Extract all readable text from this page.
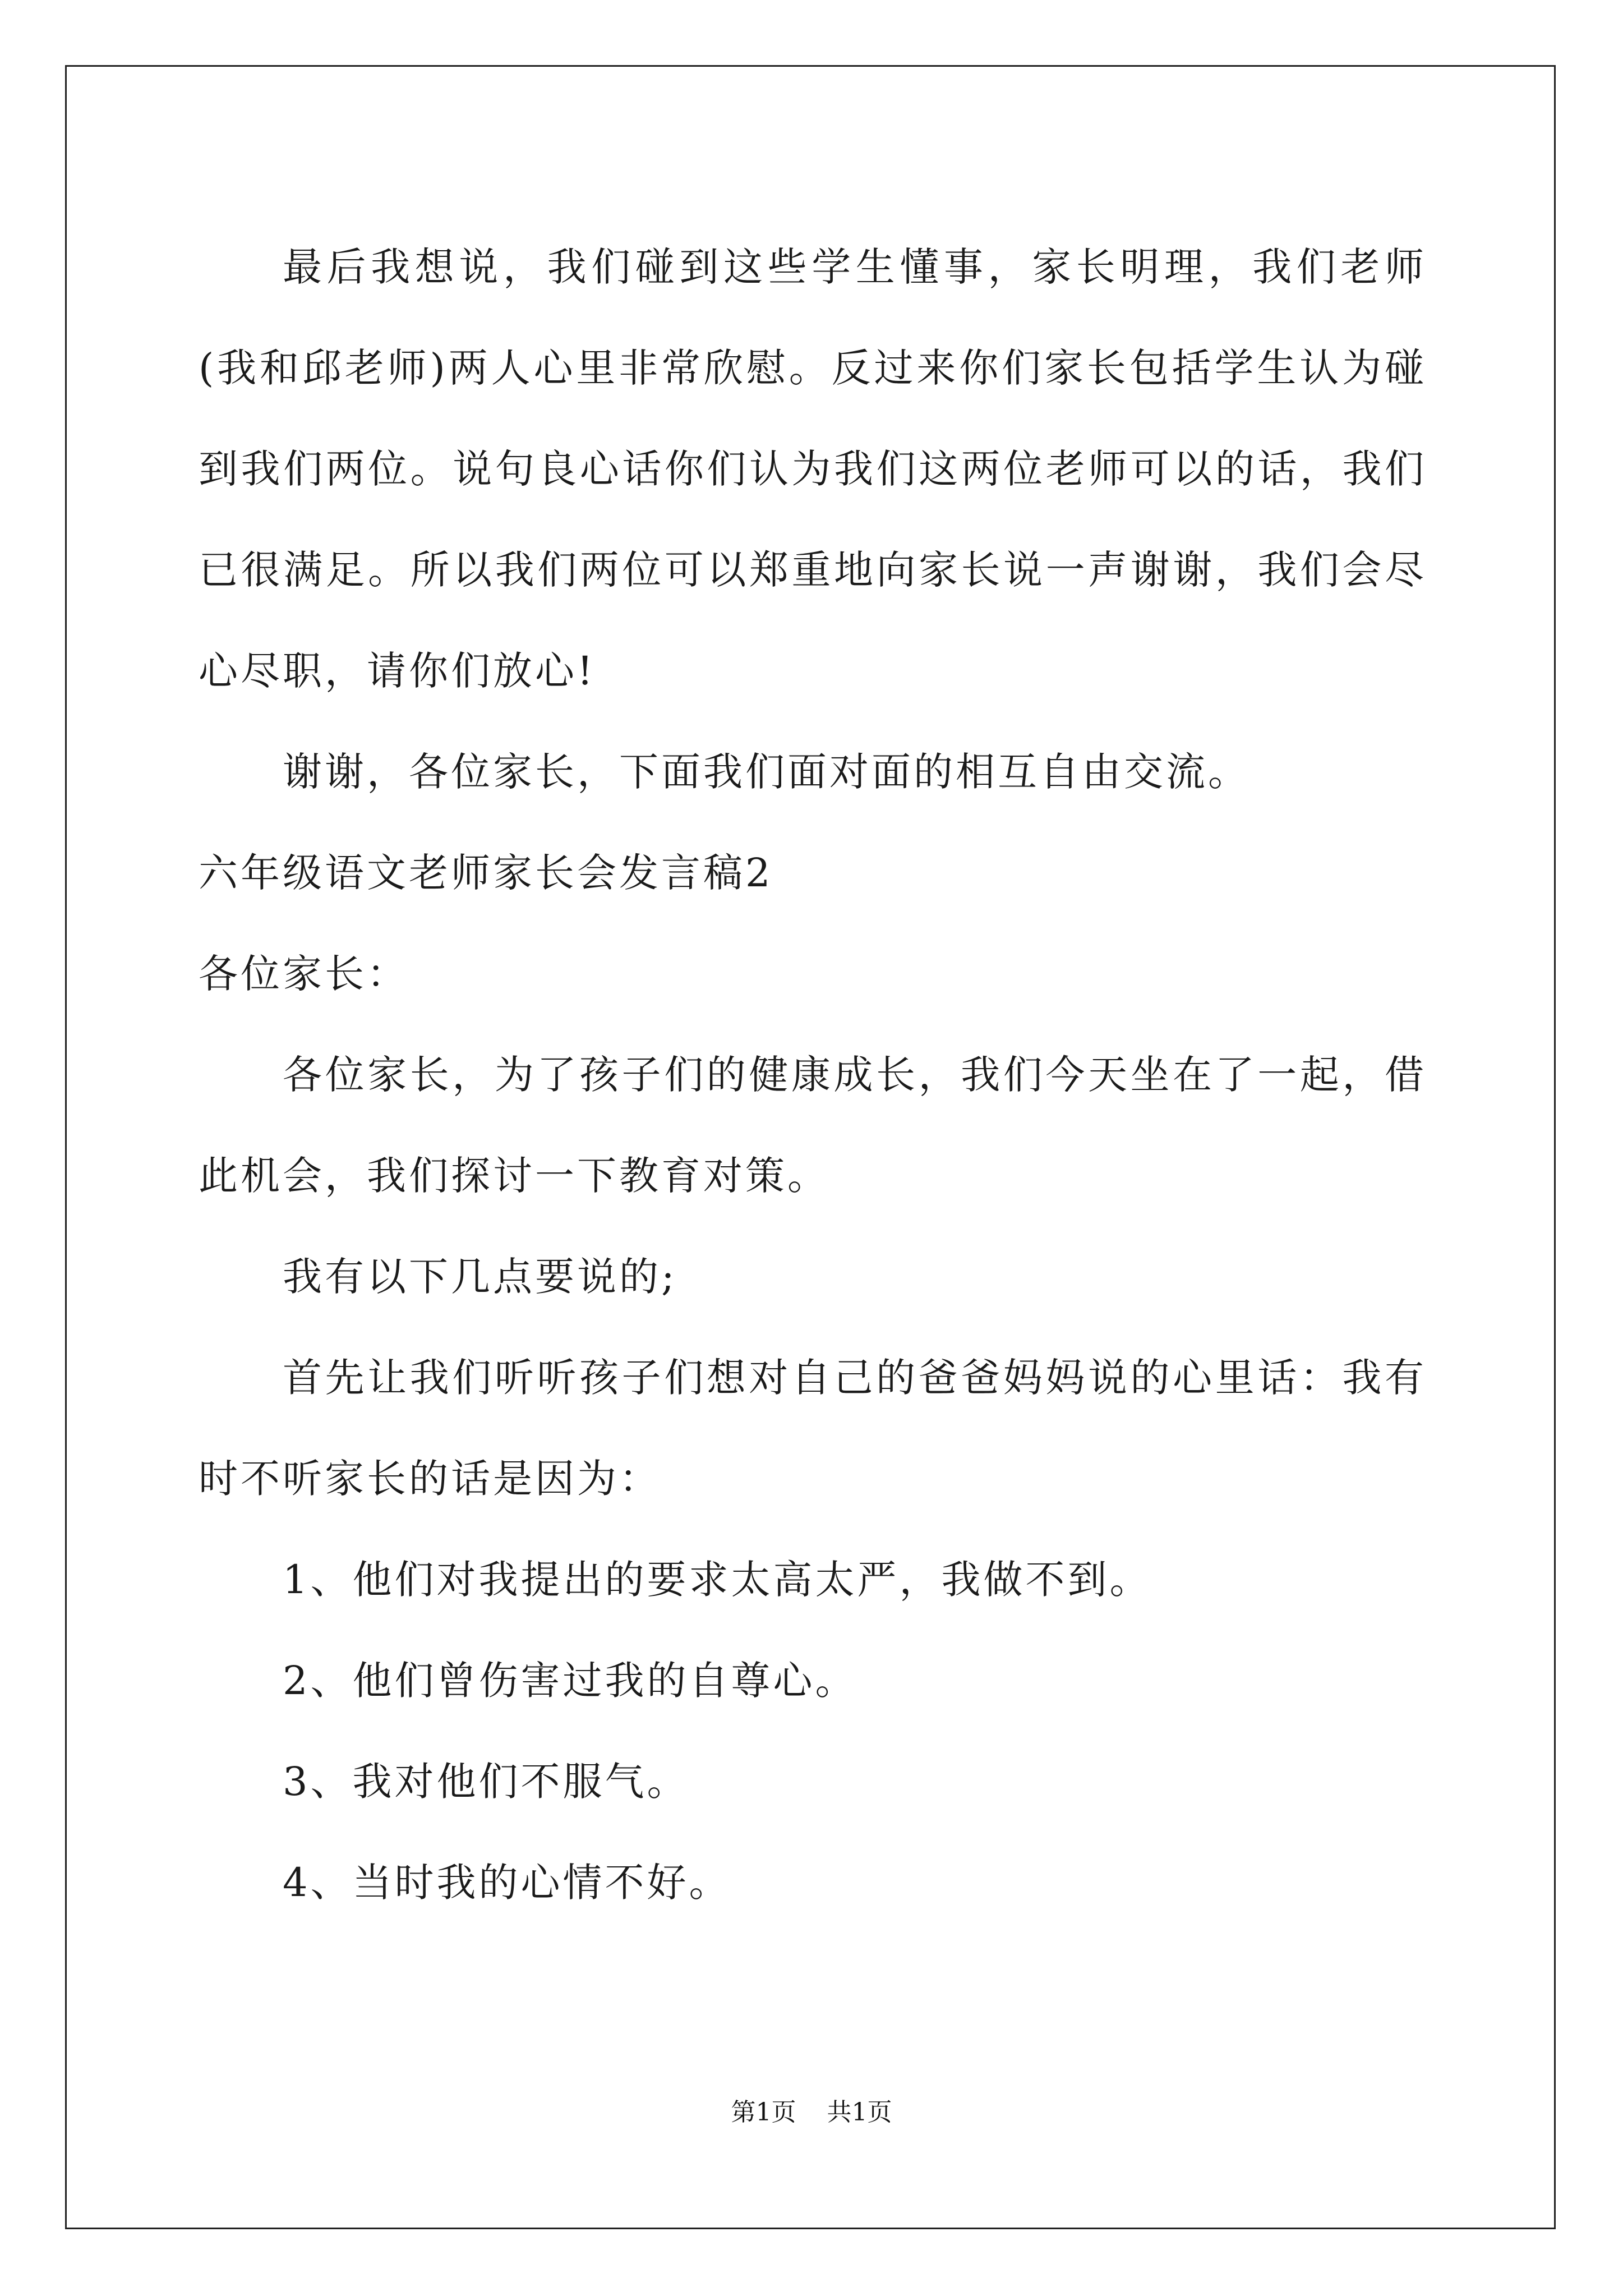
最后我想说，我们碰到这些学生懂事，家长明理，我们老师(我和邱老师)两人心里非常欣慰。反过来你们家长包括学生认为碰到我们两位。说句良心话你们认为我们这两位老师可以的话，我们已很满足。所以我们两位可以郑重地向家长说一声谢谢，我们会尽心尽职，请你们放心!

谢谢，各位家长，下面我们面对面的相互自由交流。

六年级语文老师家长会发言稿2

各位家长：

各位家长，为了孩子们的健康成长，我们今天坐在了一起，借此机会，我们探讨一下教育对策。

我有以下几点要说的;

首先让我们听听孩子们想对自己的爸爸妈妈说的心里话：我有时不听家长的话是因为：

1、他们对我提出的要求太高太严，我做不到。

2、他们曾伤害过我的自尊心。

3、我对他们不服气。

4、当时我的心情不好。

第1页 共1页
